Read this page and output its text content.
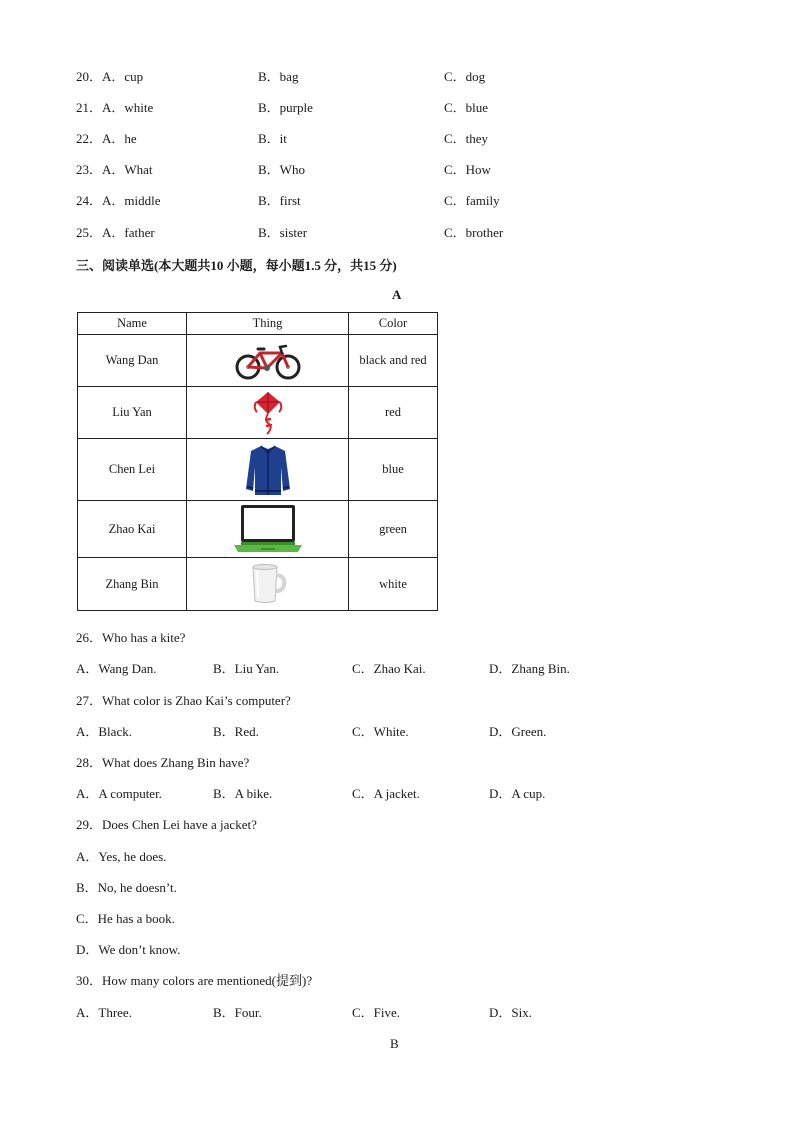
20． A．cup	B．bag	C．dog
21． A．white	B．purple	C．blue
22． A．he	B．it	C．they
23． A．What	B．Who	C．How
24． A．middle	B．first	C．family
25． A．father	B．sister	C．brother
三、阅读单选(本大题共10 小题，每小题1.5 分，共15 分)
A
Name	Thing	Color
Wang Dan		black and red
Liu Yan		red
Chen Lei		blue
Zhao Kai		green
Zhang Bin		white
26．Who has a kite?
A．Wang Dan.	B．Liu Yan.	C．Zhao Kai.	D．Zhang Bin.
27．What color is Zhao Kai’s computer?
A．Black.	B．Red.	C．White.	D．Green.
28．What does Zhang Bin have?
A．A computer.	B．A bike.	C．A jacket.	D．A cup.
29．Does Chen Lei have a jacket?
A．Yes, he does.
B．No, he doesn’t.
C．He has a book.
D．We don’t know.
30．How many colors are mentioned(提到)?
A．Three.	B．Four.	C．Five.	D．Six.
B
